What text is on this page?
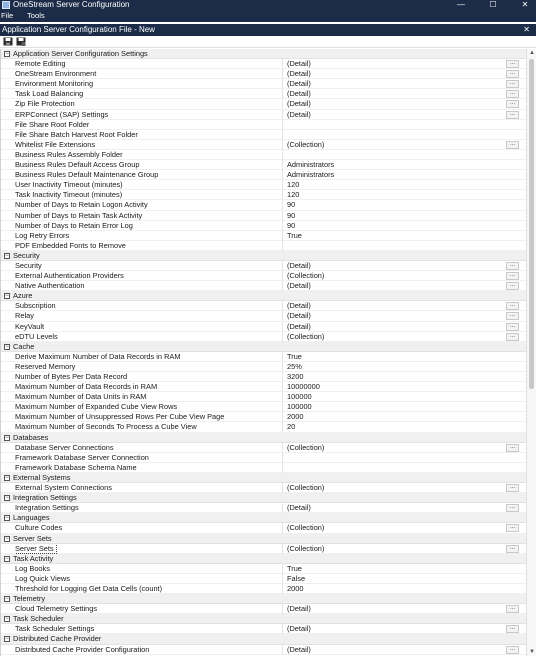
OneStream Server Configuration	—	☐	✕
File Tools
Application Server Configuration File - New	✕
− Application Server Configuration Settings
Remote Editing	(Detail)	...
OneStream Environment	(Detail)	...
Environment Monitoring	(Detail)	...
Task Load Balancing	(Detail)	...
Zip File Protection	(Detail)	...
ERPConnect (SAP) Settings	(Detail)	...
File Share Root Folder
File Share Batch Harvest Root Folder
Whitelist File Extensions	(Collection)	...
Business Rules Assembly Folder
Business Rules Default Access Group	Administrators
Business Rules Default Maintenance Group	Administrators
User Inactivity Timeout (minutes)	120
Task Inactivity Timeout (minutes)	120
Number of Days to Retain Logon Activity	90
Number of Days to Retain Task Activity	90
Number of Days to Retain Error Log	90
Log Retry Errors	True
PDF Embedded Fonts to Remove
− Security
Security	(Detail)	...
External Authentication Providers	(Collection)	...
Native Authentication	(Detail)	...
− Azure
Subscription	(Detail)	...
Relay	(Detail)	...
KeyVault	(Detail)	...
eDTU Levels	(Collection)	...
− Cache
Derive Maximum Number of Data Records in RAM	True
Reserved Memory	25%
Number of Bytes Per Data Record	3200
Maximum Number of Data Records in RAM	10000000
Maximum Number of Data Units in RAM	100000
Maximum Number of Expanded Cube View Rows	100000
Maximum Number of Unsuppressed Rows Per Cube View Page	2000
Maximum Number of Seconds To Process a Cube View	20
− Databases
Database Server Connections	(Collection)	...
Framework Database Server Connection
Framework Database Schema Name
− External Systems
External System Connections	(Collection)	...
− Integration Settings
Integration Settings	(Detail)	...
− Languages
Culture Codes	(Collection)	...
− Server Sets
Server Sets	(Collection)	...
− Task Activity
Log Books	True
Log Quick Views	False
Threshold for Logging Get Data Cells (count)	2000
− Telemetry
Cloud Telemetry Settings	(Detail)	...
− Task Scheduler
Task Scheduler Settings	(Detail)	...
− Distributed Cache Provider
Distributed Cache Provider Configuration	(Detail)	...
▲
▼
